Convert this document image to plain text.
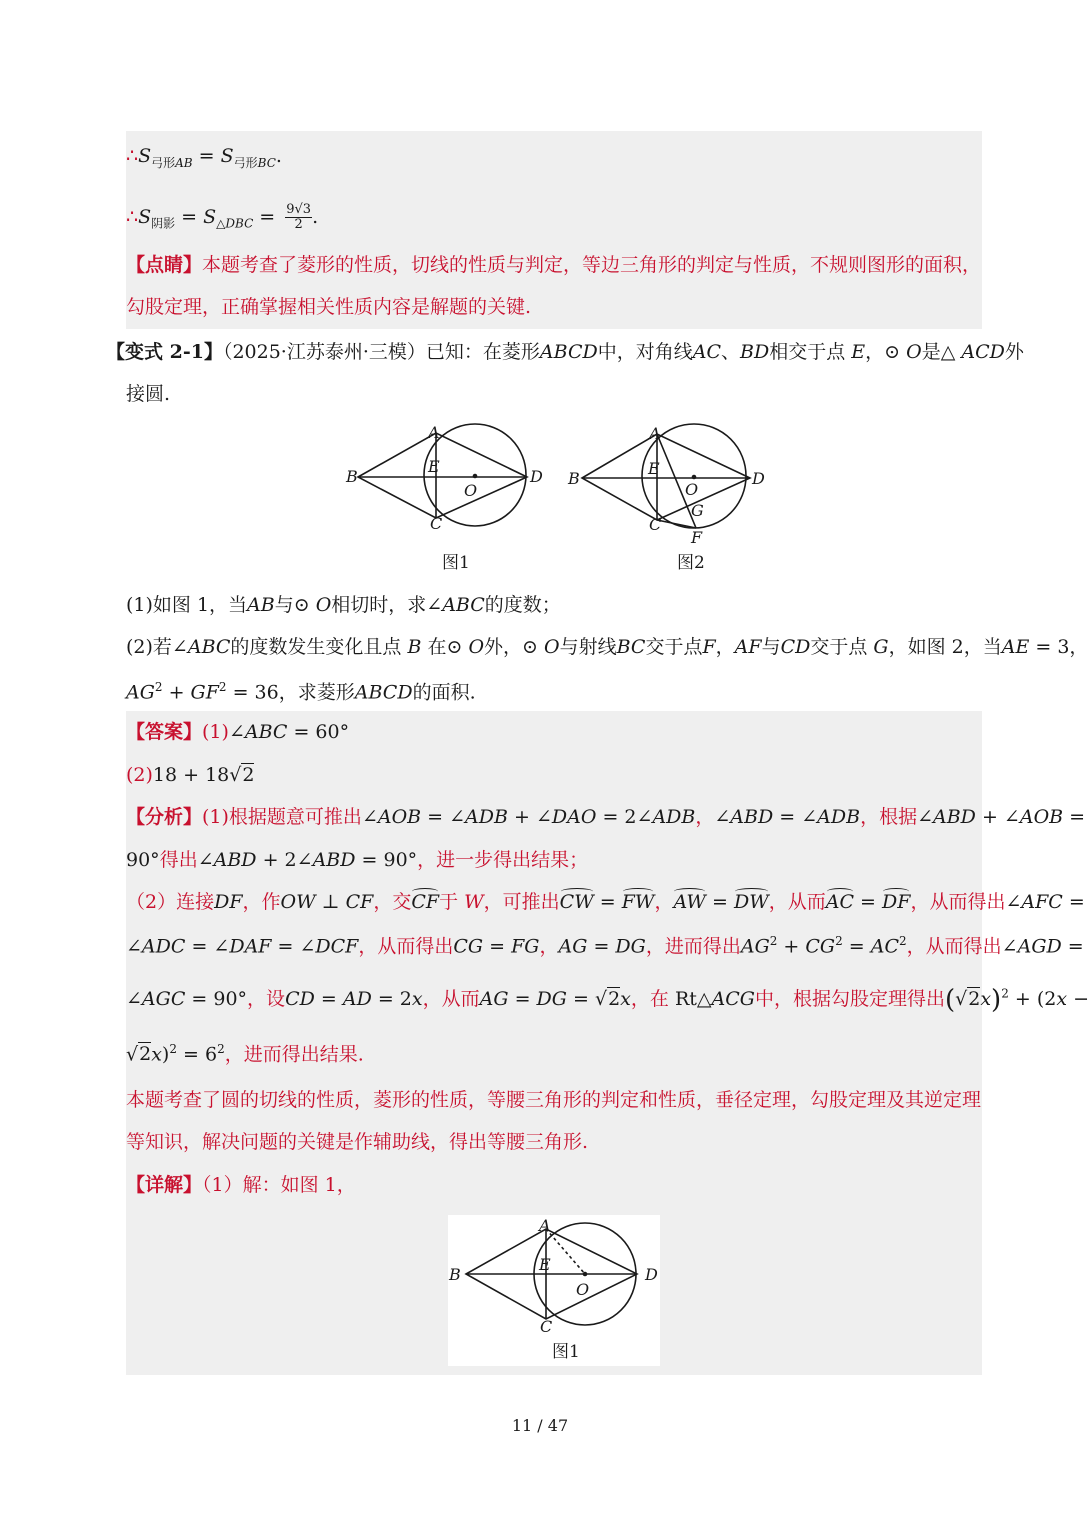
$\therefore S_{弓形AB} = S_{弓形BC}$.
$\therefore S_{阴影} = S_{\triangle DBC} = \frac{9√3}{2}$ .
【点睛】本题考查了菱形的性质，切线的性质与判定，等边三角形的判定与性质，不规则图形的面积，
勾股定理，正确掌握相关性质内容是解题的关键.
【变式 2-1】（2025·江苏泰州·三模）已知：在菱形ABCD中，对角线AC、BD相交于点 E，⊙ O是△ ACD外
接圆.
A
B
C
D
E
O
图1
A
B
C
D
E
O
G
F
图2
(1)如图 1，当AB与⊙ O相切时，求∠ABC的度数；
(2)若∠ABC的度数发生变化且点 B 在⊙ O外，⊙ O与射线BC交于点F，AF与CD交于点 G，如图 2，当AE = 3，
$AG^2 + GF^2 = 36$，求菱形ABCD的面积.
【答案】(1)∠ABC = 60°
(2)18 + 18√2
【分析】(1)根据题意可推出∠AOB = ∠ADB + ∠DAO = 2∠ADB，∠ABD = ∠ADB，根据∠ABD + ∠AOB =
90°得出∠ABD + 2∠ABD = 90°，进一步得出结果；
（2）连接DF，作OW ⊥ CF，交CF于 W，可推出CW = FW，AW = DW，从而AC = DF，从而得出∠AFC =
∠ADC = ∠DAF = ∠DCF，从而得出CG = FG，AG = DG，进而得出$AG^2 + CG^2 = AC^2$，从而得出∠AGD =
∠AGC = 90°，设CD = AD = 2x，从而AG = DG = √2x，在 Rt△ACG中，根据勾股定理得出$(√2x)^2 + (2x$ −
$√2x)^2 = 6^2$，进而得出结果.
本题考查了圆的切线的性质，菱形的性质，等腰三角形的判定和性质，垂径定理，勾股定理及其逆定理
等知识，解决问题的关键是作辅助线，得出等腰三角形.
【详解】（1）解：如图 1，
A
B
C
D
E
O
图1
11 / 47
